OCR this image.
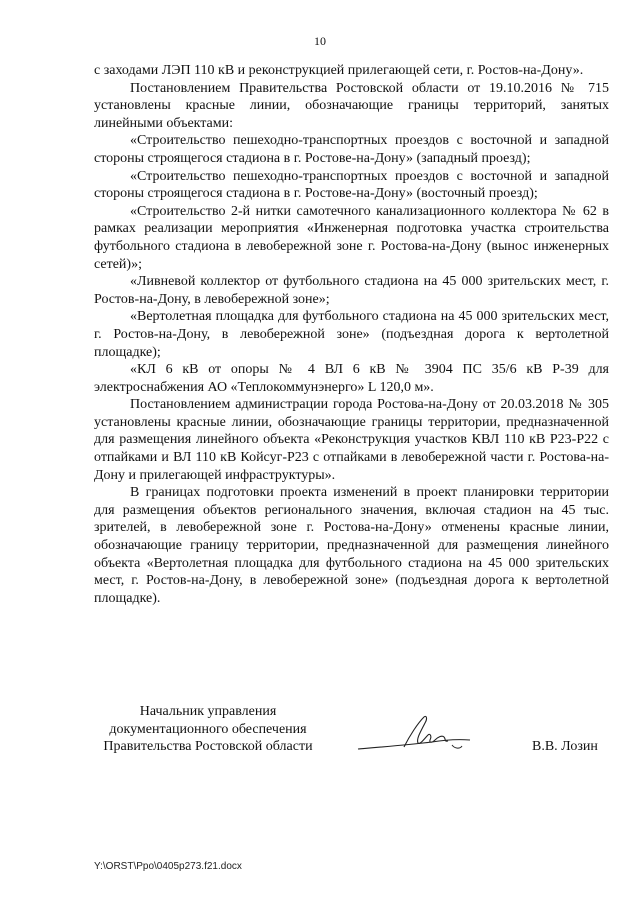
10

с заходами ЛЭП 110 кВ и реконструкцией прилегающей сети, г. Ростов-на-Дону».

Постановлением Правительства Ростовской области от 19.10.2016 № 715 установлены красные линии, обозначающие границы территорий, занятых линейными объектами:

«Строительство пешеходно-транспортных проездов с восточной и западной стороны строящегося стадиона в г. Ростове-на-Дону» (западный проезд);

«Строительство пешеходно-транспортных проездов с восточной и западной стороны строящегося стадиона в г. Ростове-на-Дону» (восточный проезд);

«Строительство 2-й нитки самотечного канализационного коллектора № 62 в рамках реализации мероприятия «Инженерная подготовка участка строительства футбольного стадиона в левобережной зоне г. Ростова-на-Дону (вынос инженерных сетей)»;

«Ливневой коллектор от футбольного стадиона на 45 000 зрительских мест, г. Ростов-на-Дону, в левобережной зоне»;

«Вертолетная площадка для футбольного стадиона на 45 000 зрительских мест, г. Ростов-на-Дону, в левобережной зоне» (подъездная дорога к вертолетной площадке);

«КЛ 6 кВ от опоры № 4 ВЛ 6 кВ № 3904 ПС 35/6 кВ Р-39 для электроснабжения АО «Теплокоммунэнерго» L 120,0 м».

Постановлением администрации города Ростова-на-Дону от 20.03.2018 № 305 установлены красные линии, обозначающие границы территории, предназначенной для размещения линейного объекта «Реконструкция участков КВЛ 110 кВ Р23-Р22 с отпайками и ВЛ 110 кВ Койсуг-Р23 с отпайками в левобережной части г. Ростова-на-Дону и прилегающей инфраструктуры».

В границах подготовки проекта изменений в проект планировки территории для размещения объектов регионального значения, включая стадион на 45 тыс. зрителей, в левобережной зоне г. Ростова-на-Дону» отменены красные линии, обозначающие границу территории, предназначенной для размещения линейного объекта «Вертолетная площадка для футбольного стадиона на 45 000 зрительских мест, г. Ростов-на-Дону, в левобережной зоне» (подъездная дорога к вертолетной площадке).

Начальник управления
документационного обеспечения
Правительства Ростовской области	В.В. Лозин
Y:\ORST\Ppo\0405p273.f21.docx
